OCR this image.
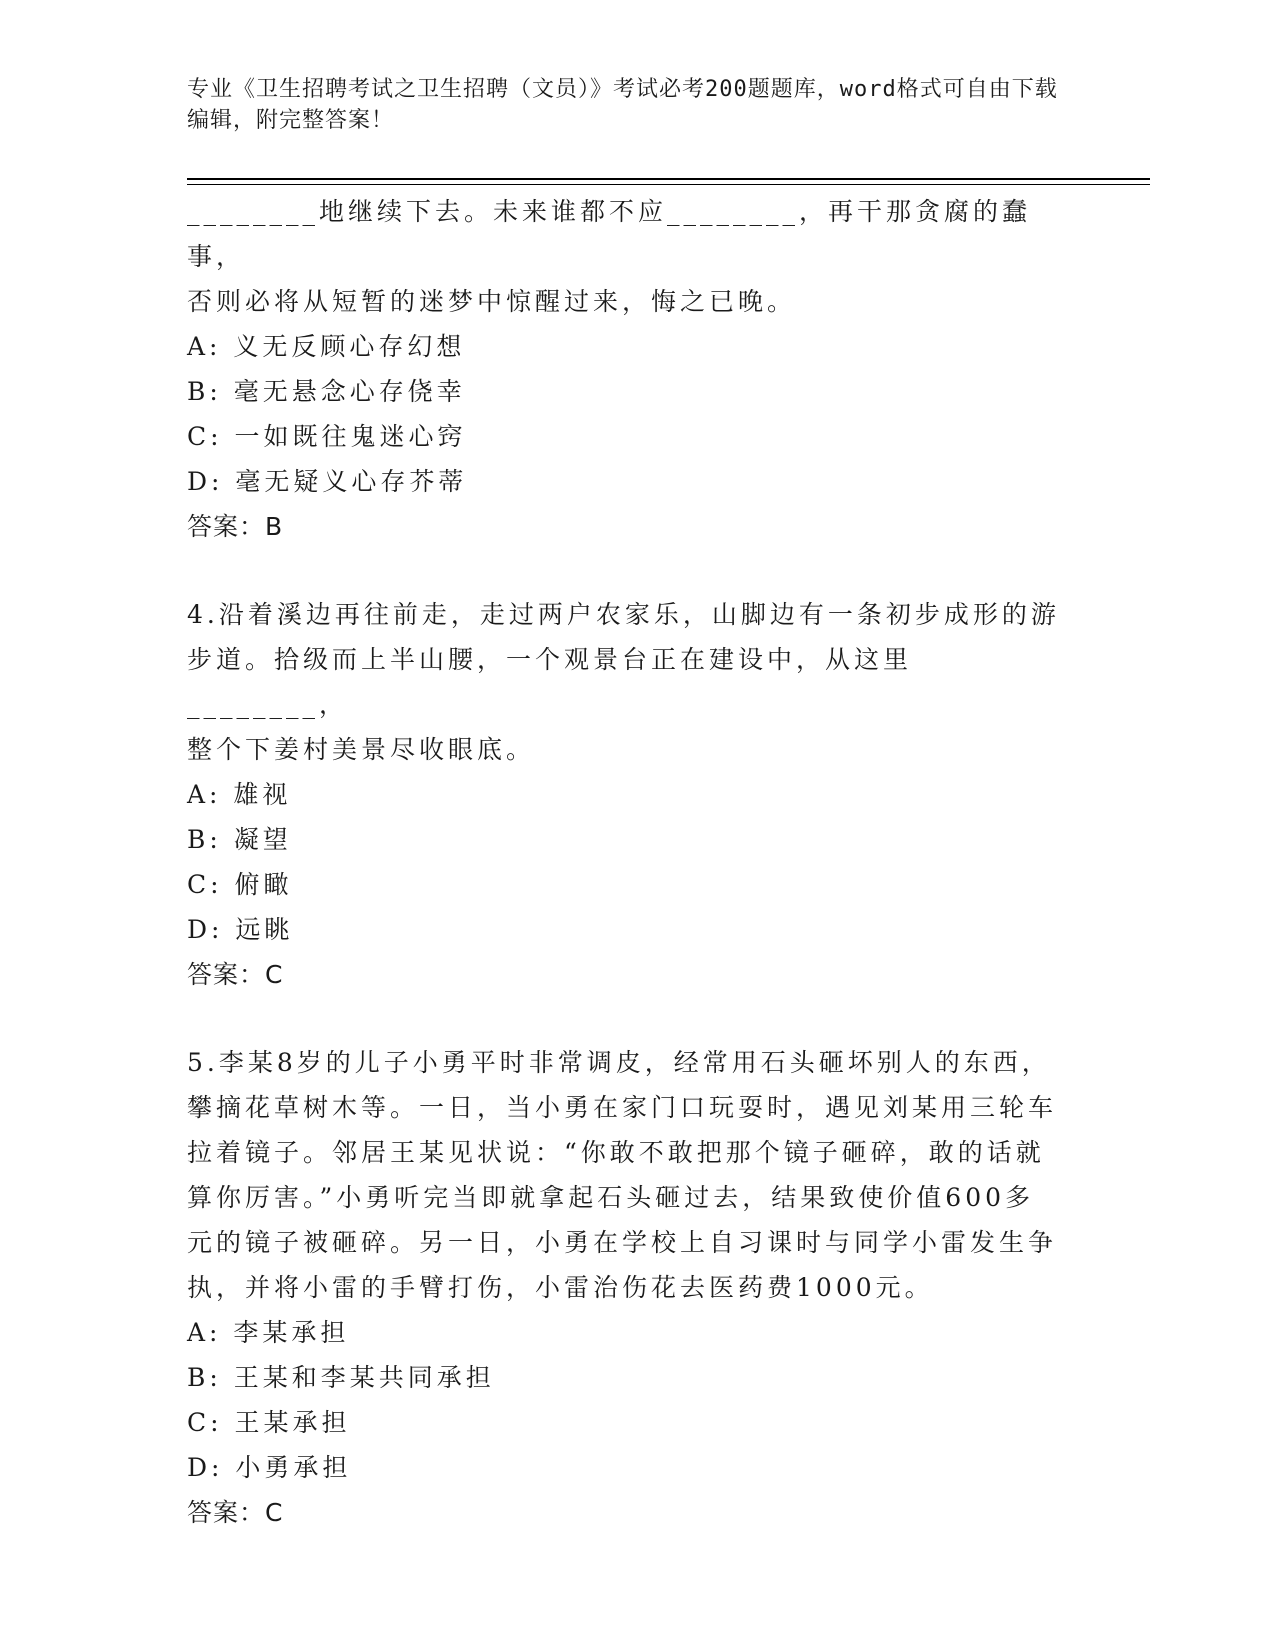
专业《卫生招聘考试之卫生招聘（文员）》考试必考200题题库，word格式可自由下载编辑，附完整答案！

________地继续下去。未来谁都不应________，再干那贪腐的蠢事，

否则必将从短暂的迷梦中惊醒过来，悔之已晚。

A: 义无反顾心存幻想

B: 毫无悬念心存侥幸

C: 一如既往鬼迷心窍

D: 毫无疑义心存芥蒂

答案：B

4.沿着溪边再往前走，走过两户农家乐，山脚边有一条初步成形的游

步道。拾级而上半山腰，一个观景台正在建设中，从这里________，

整个下姜村美景尽收眼底。

A: 雄视

B: 凝望

C: 俯瞰

D: 远眺

答案：C

5.李某8岁的儿子小勇平时非常调皮，经常用石头砸坏别人的东西，

攀摘花草树木等。一日，当小勇在家门口玩耍时，遇见刘某用三轮车

拉着镜子。邻居王某见状说：“你敢不敢把那个镜子砸碎，敢的话就

算你厉害。”小勇听完当即就拿起石头砸过去，结果致使价值600多

元的镜子被砸碎。另一日，小勇在学校上自习课时与同学小雷发生争

执，并将小雷的手臂打伤，小雷治伤花去医药费1000元。

A: 李某承担

B: 王某和李某共同承担

C: 王某承担

D: 小勇承担

答案：C
